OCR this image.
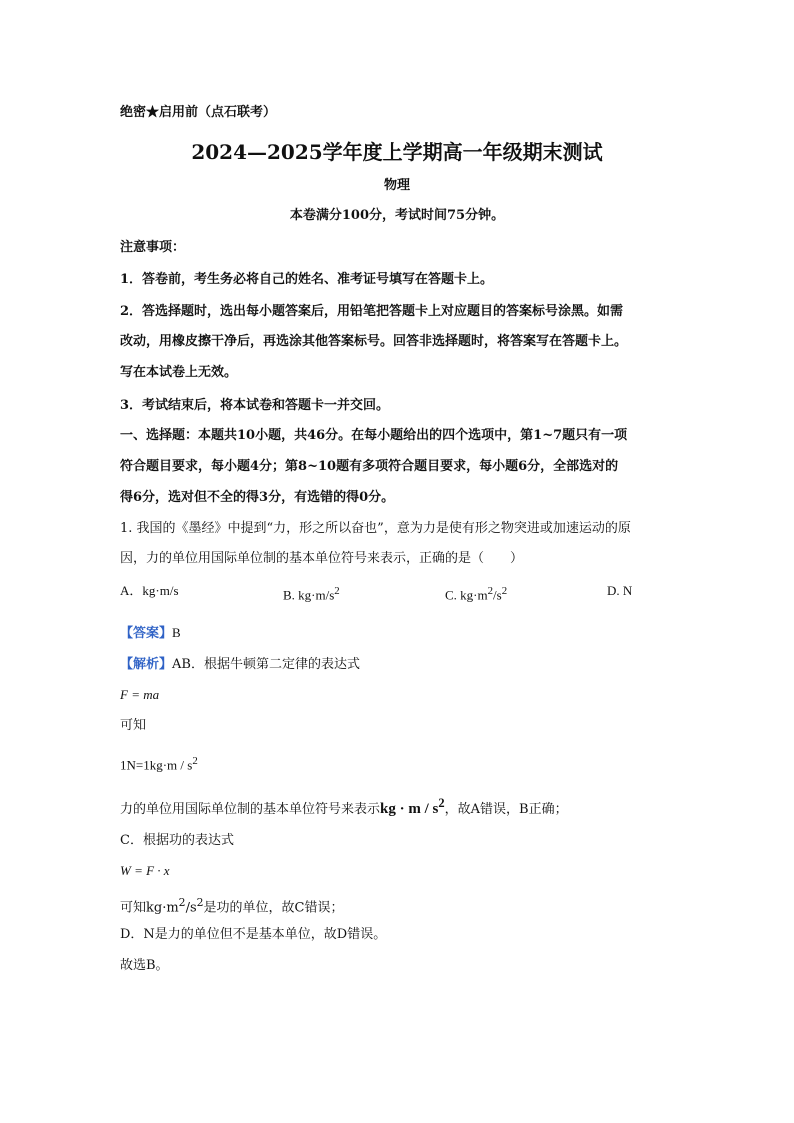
绝密★启用前（点石联考）
2024—2025学年度上学期高一年级期末测试
物理
本卷满分100分，考试时间75分钟。
注意事项：
1．答卷前，考生务必将自己的姓名、准考证号填写在答题卡上。
2．答选择题时，选出每小题答案后，用铅笔把答题卡上对应题目的答案标号涂黑。如需
改动，用橡皮擦干净后，再选涂其他答案标号。回答非选择题时，将答案写在答题卡上。
写在本试卷上无效。
3．考试结束后，将本试卷和答题卡一并交回。
一、选择题：本题共10小题，共46分。在每小题给出的四个选项中，第1~7题只有一项
符合题目要求，每小题4分；第8~10题有多项符合题目要求，每小题6分，全部选对的
得6分，选对但不全的得3分，有选错的得0分。
1. 我国的《墨经》中提到“力，形之所以奋也”，意为力是使有形之物突进或加速运动的原
因，力的单位用国际单位制的基本单位符号来表示，正确的是（　　）
A．kg·m/s	B. $kg\cdot m/s^2$	C. $kg\cdot m^2/s^2$	D. N
【答案】B
【解析】AB．根据牛顿第二定律的表达式
F = ma
可知
$1N=1kg\cdot m / s^2$
力的单位用国际单位制的基本单位符号来表示kg · m / $s^2$，故A错误，B正确；
C．根据功的表达式
W = F · x
可知$kg\cdot m^2/s^2$是功的单位，故C错误；
D．N是力的单位但不是基本单位，故D错误。
故选B。
